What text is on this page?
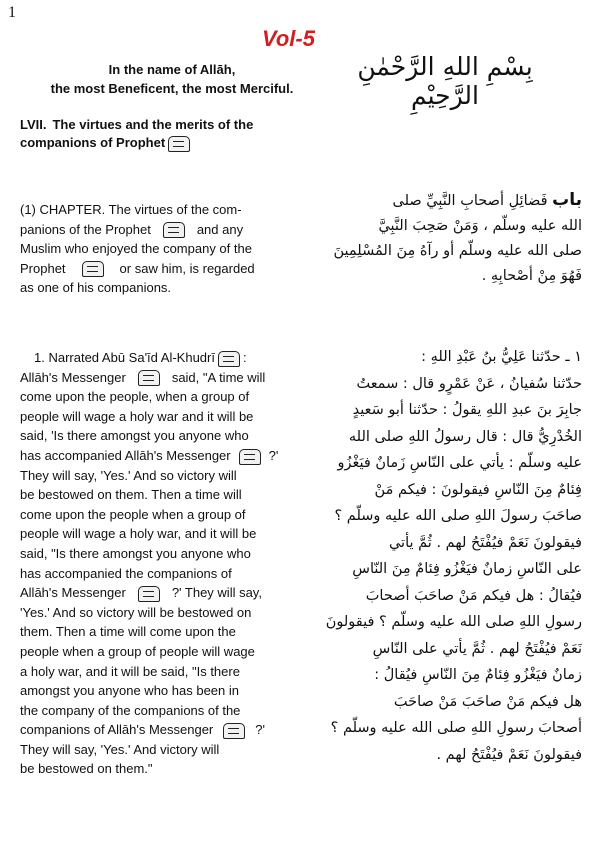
1
Vol-5
In the name of Allāh,
the most Beneficent, the most Merciful.
بِسْمِ اللهِ الرَّحْمٰنِ الرَّحِيْمِ
LVII. The virtues and the merits of the
companions of Prophet
(1) CHAPTER. The virtues of the com-
panions of the Prophet	and any
Muslim who enjoyed the company of the
Prophet	or saw him, is regarded
as one of his companions.
باب فَضائِلِ أصحابِ النَّبِيِّ صلى
الله عليه وسلّم ، وَمَنْ صَحِبَ النَّبِيَّ
صلى الله عليه وسلّم أو رآهُ مِنَ المُسْلِمِينَ
فَهُوَ مِنْ أصْحابِهِ .
1. Narrated Abū Sa'īd Al-Khudrī :
Allāh's Messenger	said, "A time will
come upon the people, when a group of
people will wage a holy war and it will be
said, 'Is there amongst you anyone who
has accompanied Allāh's Messenger	?'
They will say, 'Yes.' And so victory will
be bestowed on them. Then a time will
come upon the people when a group of
people will wage a holy war, and it will be
said, "Is there amongst you anyone who
has accompanied the companions of
Allāh's Messenger	?' They will say,
'Yes.' And so victory will be bestowed on
them. Then a time will come upon the
people when a group of people will wage
a holy war, and it will be said, "Is there
amongst you anyone who has been in
the company of the companions of the
companions of Allāh's Messenger	?'
They will say, 'Yes.' And victory will
be bestowed on them."
١ ـ حدّثنا عَلِيُّ بنُ عَبْدِ اللهِ :
حدّثنا سُفيانُ ، عَنْ عَمْرٍو قال : سمعتُ
جابِرَ بنَ عبدِ اللهِ يقولُ : حدّثنا أبو سَعيدٍ
الخُدْرِيُّ قال : قال رسولُ اللهِ صلى الله
عليه وسلّم : يأتي على النّاسِ زَمانٌ فيَغْزُو
فِئامٌ مِنَ النّاسِ فيقولونَ : فيكم مَنْ
صاحَبَ رسولَ اللهِ صلى الله عليه وسلّم ؟
فيقولونَ نَعَمْ فيُفْتَحُ لهم . ثُمَّ يأتي
على النّاسِ زمانٌ فيَغْزُو فِئامٌ مِنَ النّاسِ
فيُقالُ : هل فيكم مَنْ صاحَبَ أصحابَ
رسولِ اللهِ صلى الله عليه وسلّم ؟ فيقولونَ
نَعَمْ فيُفْتَحُ لهم . ثُمَّ يأتي على النّاسِ
زمانٌ فيَغْزُو فِئامٌ مِنَ النّاسِ فيُقالُ :
هل فيكم مَنْ صاحَبَ مَنْ صاحَبَ
أصحابَ رسولِ اللهِ صلى الله عليه وسلّم ؟
فيقولونَ نَعَمْ فيُفْتَحُ لهم .
